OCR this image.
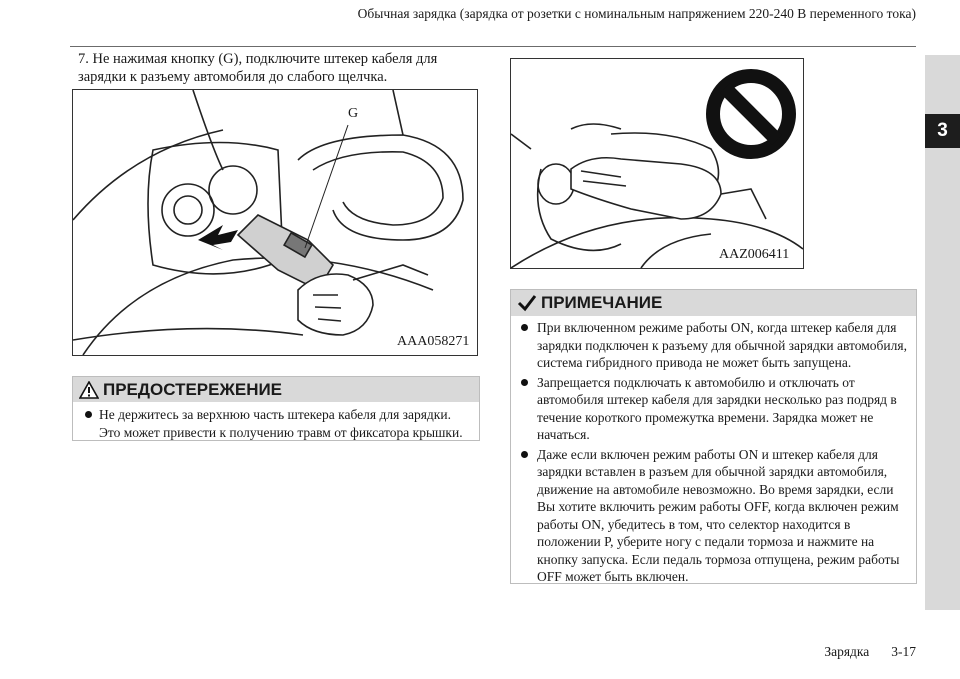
Обычная зарядка (зарядка от розетки с номинальным напряжением 220-240 В переменного тока)
3
7. Не нажимая кнопку (G), подключите штекер кабеля для зарядки к разъему автомобиля до слабого щелчка.
G
AAA058271
AAZ006411
ПРЕДОСТЕРЕЖЕНИЕ
Не держитесь за верхнюю часть штекера кабеля для зарядки. Это может привести к получению травм от фиксатора крышки.
ПРИМЕЧАНИЕ
При включенном режиме работы ON, когда штекер кабеля для зарядки подключен к разъему для обычной зарядки автомобиля, система гибридного привода не может быть запущена.
Запрещается подключать к автомобилю и отключать от автомобиля штекер кабеля для зарядки несколько раз подряд в течение короткого промежутка времени. Зарядка может не начаться.
Даже если включен режим работы ON и штекер кабеля для зарядки вставлен в разъем для обычной зарядки автомобиля, движение на автомобиле невозможно. Во время зарядки, если Вы хотите включить режим работы OFF, когда включен режим работы ON, убедитесь в том, что селектор находится в положении P, уберите ногу с педали тормоза и нажмите на кнопку запуска. Если педаль тормоза отпущена, режим работы OFF может быть включен.
Зарядка 3-17
